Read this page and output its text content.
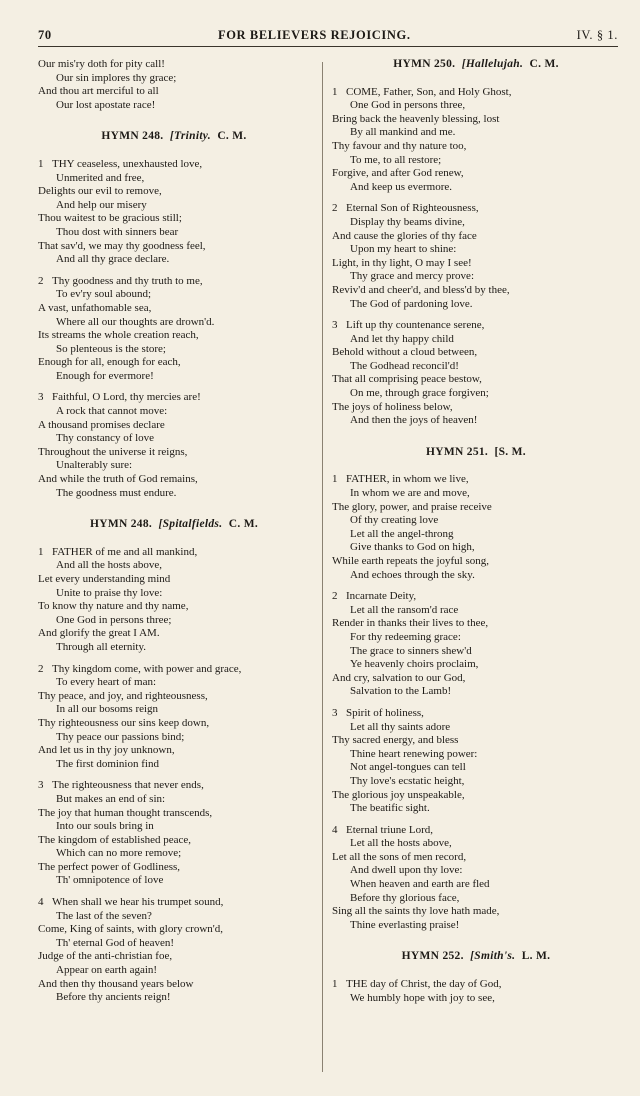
70	FOR BELIEVERS REJOICING.	IV. § 1.
Our mis'ry doth for pity call!
Our sin implores thy grace;
And thou art merciful to all
Our lost apostate race!
HYMN 248. [Trinity. C. M.
1 THY ceaseless, unexhausted love,
Unmerited and free,
Delights our evil to remove,
And help our misery
Thou waitest to be gracious still;
Thou dost with sinners bear
That sav'd, we may thy goodness feel,
And all thy grace declare.
2 Thy goodness and thy truth to me,
To ev'ry soul abound;
A vast, unfathomable sea,
Where all our thoughts are drown'd.
Its streams the whole creation reach,
So plenteous is the store;
Enough for all, enough for each,
Enough for evermore!
3 Faithful, O Lord, thy mercies are!
A rock that cannot move:
A thousand promises declare
Thy constancy of love
Throughout the universe it reigns,
Unalterably sure:
And while the truth of God remains,
The goodness must endure.
HYMN 248. [Spitalfields. C. M.
1 FATHER of me and all mankind,
And all the hosts above,
Let every understanding mind
Unite to praise thy love:
To know thy nature and thy name,
One God in persons three;
And glorify the great I AM.
Through all eternity.
2 Thy kingdom come, with power and grace,
To every heart of man:
Thy peace, and joy, and righteousness,
In all our bosoms reign
Thy righteousness our sins keep down,
Thy peace our passions bind;
And let us in thy joy unknown,
The first dominion find
3 The righteousness that never ends,
But makes an end of sin:
The joy that human thought transcends,
Into our souls bring in
The kingdom of established peace,
Which can no more remove;
The perfect power of Godliness,
Th' omnipotence of love
4 When shall we hear his trumpet sound,
The last of the seven?
Come, King of saints, with glory crown'd,
Th' eternal God of heaven!
Judge of the anti-christian foe,
Appear on earth again!
And then thy thousand years below
Before thy ancients reign!
HYMN 250. [Hallelujah. C. M.
1 COME, Father, Son, and Holy Ghost,
One God in persons three,
Bring back the heavenly blessing, lost
By all mankind and me.
Thy favour and thy nature too,
To me, to all restore;
Forgive, and after God renew,
And keep us evermore.
2 Eternal Son of Righteousness,
Display thy beams divine,
And cause the glories of thy face
Upon my heart to shine:
Light, in thy light, O may I see!
Thy grace and mercy prove:
Reviv'd and cheer'd, and bless'd by thee,
The God of pardoning love.
3 Lift up thy countenance serene,
And let thy happy child
Behold without a cloud between,
The Godhead reconcil'd!
That all comprising peace bestow,
On me, through grace forgiven;
The joys of holiness below,
And then the joys of heaven!
HYMN 251. [S. M.
1 FATHER, in whom we live,
In whom we are and move,
The glory, power, and praise receive
Of thy creating love
Let all the angel-throng
Give thanks to God on high,
While earth repeats the joyful song,
And echoes through the sky.
2 Incarnate Deity,
Let all the ransom'd race
Render in thanks their lives to thee,
For thy redeeming grace:
The grace to sinners shew'd
Ye heavenly choirs proclaim,
And cry, salvation to our God,
Salvation to the Lamb!
3 Spirit of holiness,
Let all thy saints adore
Thy sacred energy, and bless
Thine heart renewing power:
Not angel-tongues can tell
Thy love's ecstatic height,
The glorious joy unspeakable,
The beatific sight.
4 Eternal triune Lord,
Let all the hosts above,
Let all the sons of men record,
And dwell upon thy love:
When heaven and earth are fled
Before thy glorious face,
Sing all the saints thy love hath made,
Thine everlasting praise!
HYMN 252. [Smith's. L. M.
1 THE day of Christ, the day of God,
We humbly hope with joy to see,
